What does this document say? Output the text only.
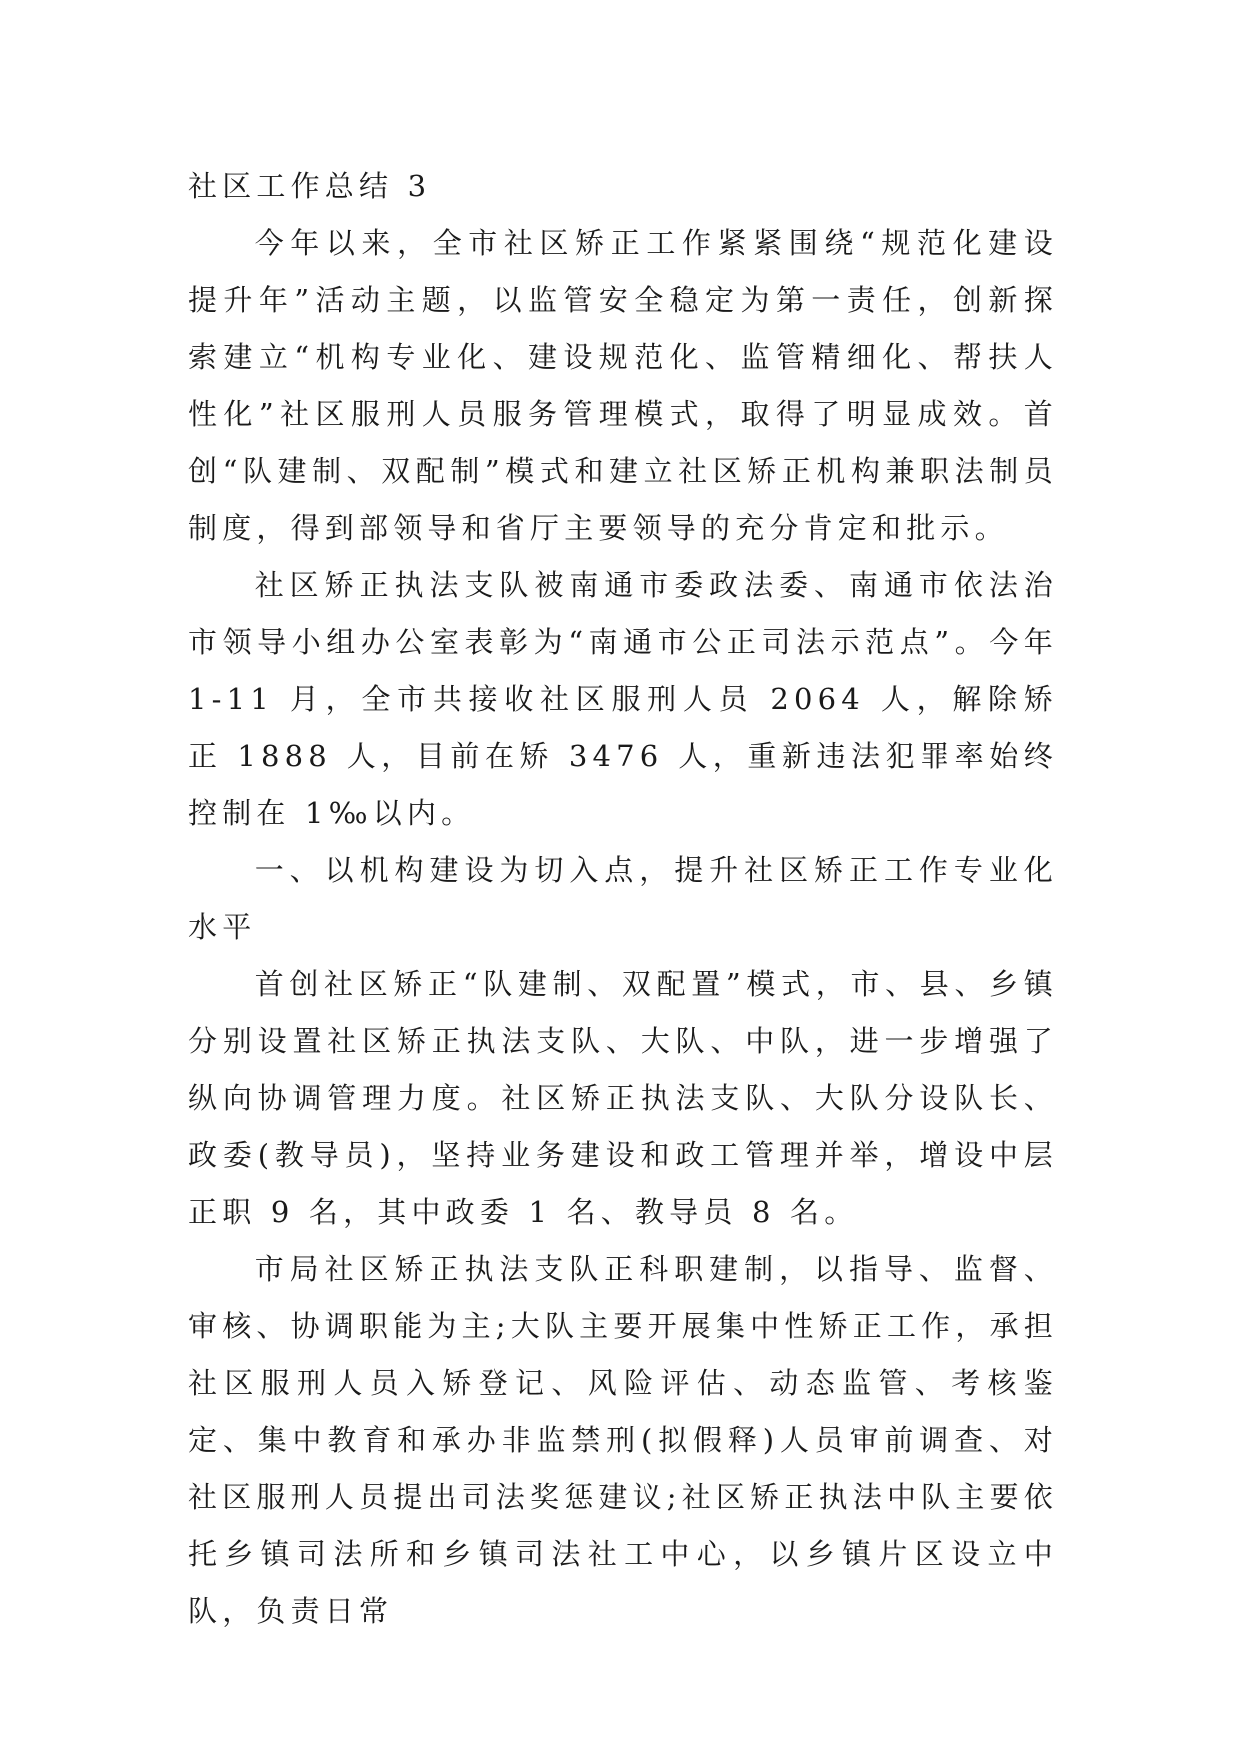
社区工作总结 3

今年以来，全市社区矫正工作紧紧围绕“规范化建设提升年”活动主题，以监管安全稳定为第一责任，创新探索建立“机构专业化、建设规范化、监管精细化、帮扶人性化”社区服刑人员服务管理模式，取得了明显成效。首创“队建制、双配制”模式和建立社区矫正机构兼职法制员制度，得到部领导和省厅主要领导的充分肯定和批示。

社区矫正执法支队被南通市委政法委、南通市依法治市领导小组办公室表彰为“南通市公正司法示范点”。今年 1-11 月，全市共接收社区服刑人员 2064 人，解除矫正 1888 人，目前在矫 3476 人，重新违法犯罪率始终控制在 1‰以内。

一、以机构建设为切入点，提升社区矫正工作专业化水平

首创社区矫正“队建制、双配置”模式，市、县、乡镇分别设置社区矫正执法支队、大队、中队，进一步增强了纵向协调管理力度。社区矫正执法支队、大队分设队长、政委(教导员)，坚持业务建设和政工管理并举，增设中层正职 9 名，其中政委 1 名、教导员 8 名。

市局社区矫正执法支队正科职建制，以指导、监督、审核、协调职能为主;大队主要开展集中性矫正工作，承担社区服刑人员入矫登记、风险评估、动态监管、考核鉴定、集中教育和承办非监禁刑(拟假释)人员审前调查、对社区服刑人员提出司法奖惩建议;社区矫正执法中队主要依托乡镇司法所和乡镇司法社工中心，以乡镇片区设立中队，负责日常
